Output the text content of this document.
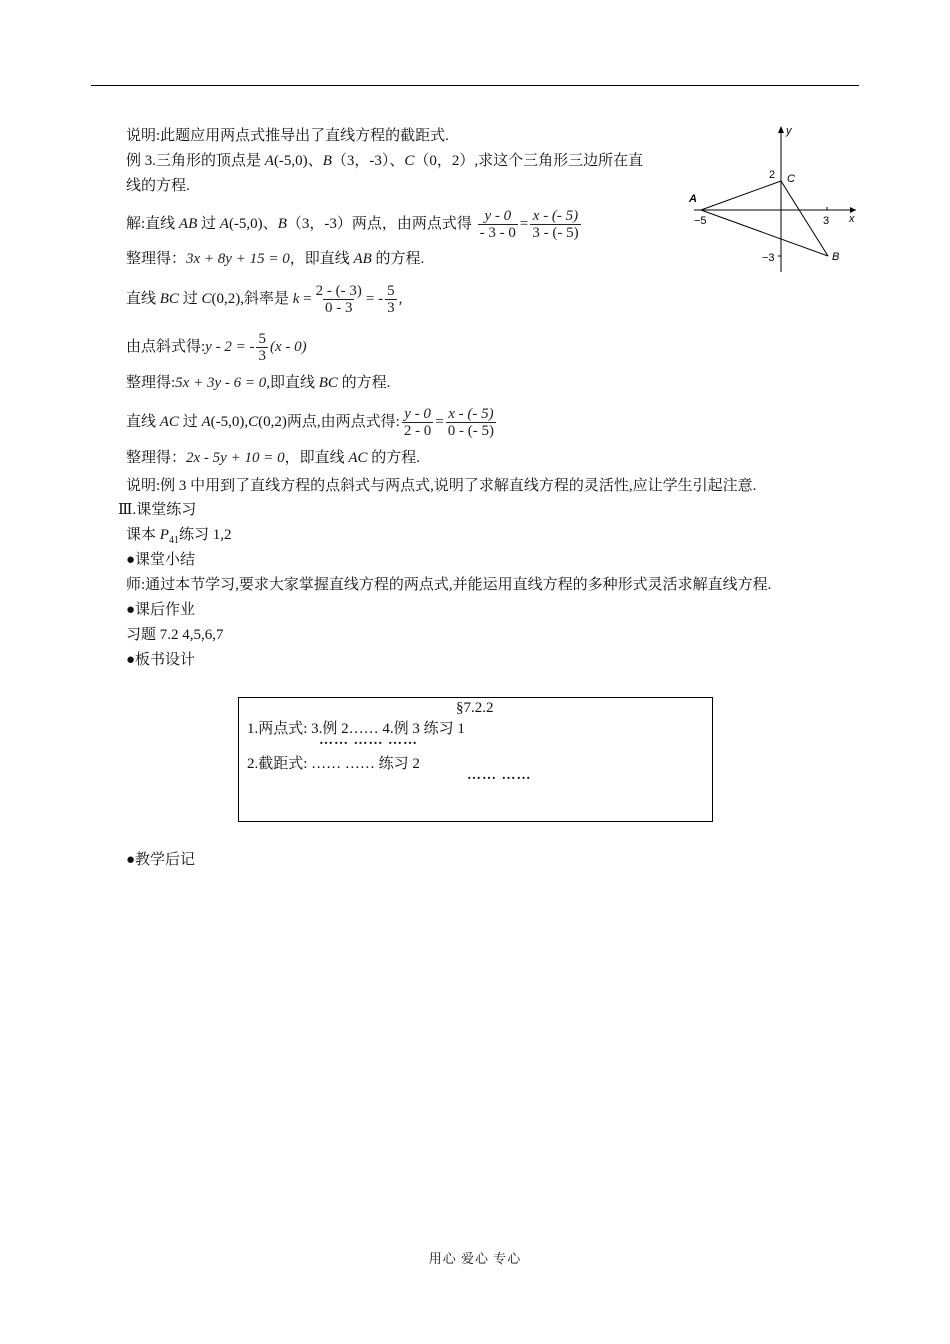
说明:此题应用两点式推导出了直线方程的截距式.
例 3.三角形的顶点是 A(-5,0)、B（3，-3）、C（0，2）,求这个三角形三边所在直
线的方程.
解:直线 AB 过 A(-5,0)、B（3，-3）两点，由两点式得 $\frac{y - 0}{- 3 - 0} = \frac{x - (- 5)}{3 - (- 5)}$
整理得：3x + 8y + 15 = 0，即直线 AB 的方程.
直线 BC 过 C(0,2),斜率是 $k = \frac{2 - (- 3)}{0 - 3}$ = - $\frac{5}{3}$ ,
由点斜式得:y - 2 = - $\frac{5}{3} (x - 0)$
整理得:5x + 3y - 6 = 0,即直线 BC 的方程.
直线 AC 过 A(-5,0),C(0,2)两点,由两点式得: $\frac{y - 0}{2 - 0} = \frac{x - (- 5)}{0 - (- 5)}$
整理得：2x - 5y + 10 = 0，即直线 AC 的方程.
说明:例 3 中用到了直线方程的点斜式与两点式,说明了求解直线方程的灵活性,应让学生引起注意.
Ⅲ.课堂练习
课本 $P_{41}$练习 1,2
●课堂小结
师:通过本节学习,要求大家掌握直线方程的两点式,并能运用直线方程的多种形式灵活求解直线方程.
●课后作业
习题 7.2 4,5,6,7
●板书设计
§7.2.2
1.两点式: 3.例 2…… 4.例 3 练习 1
…… …… ……
2.截距式: …… …… 练习 2
…… ……
●教学后记
y
x
A
−5
2 C
3
−3	B
用心 爱心 专心
